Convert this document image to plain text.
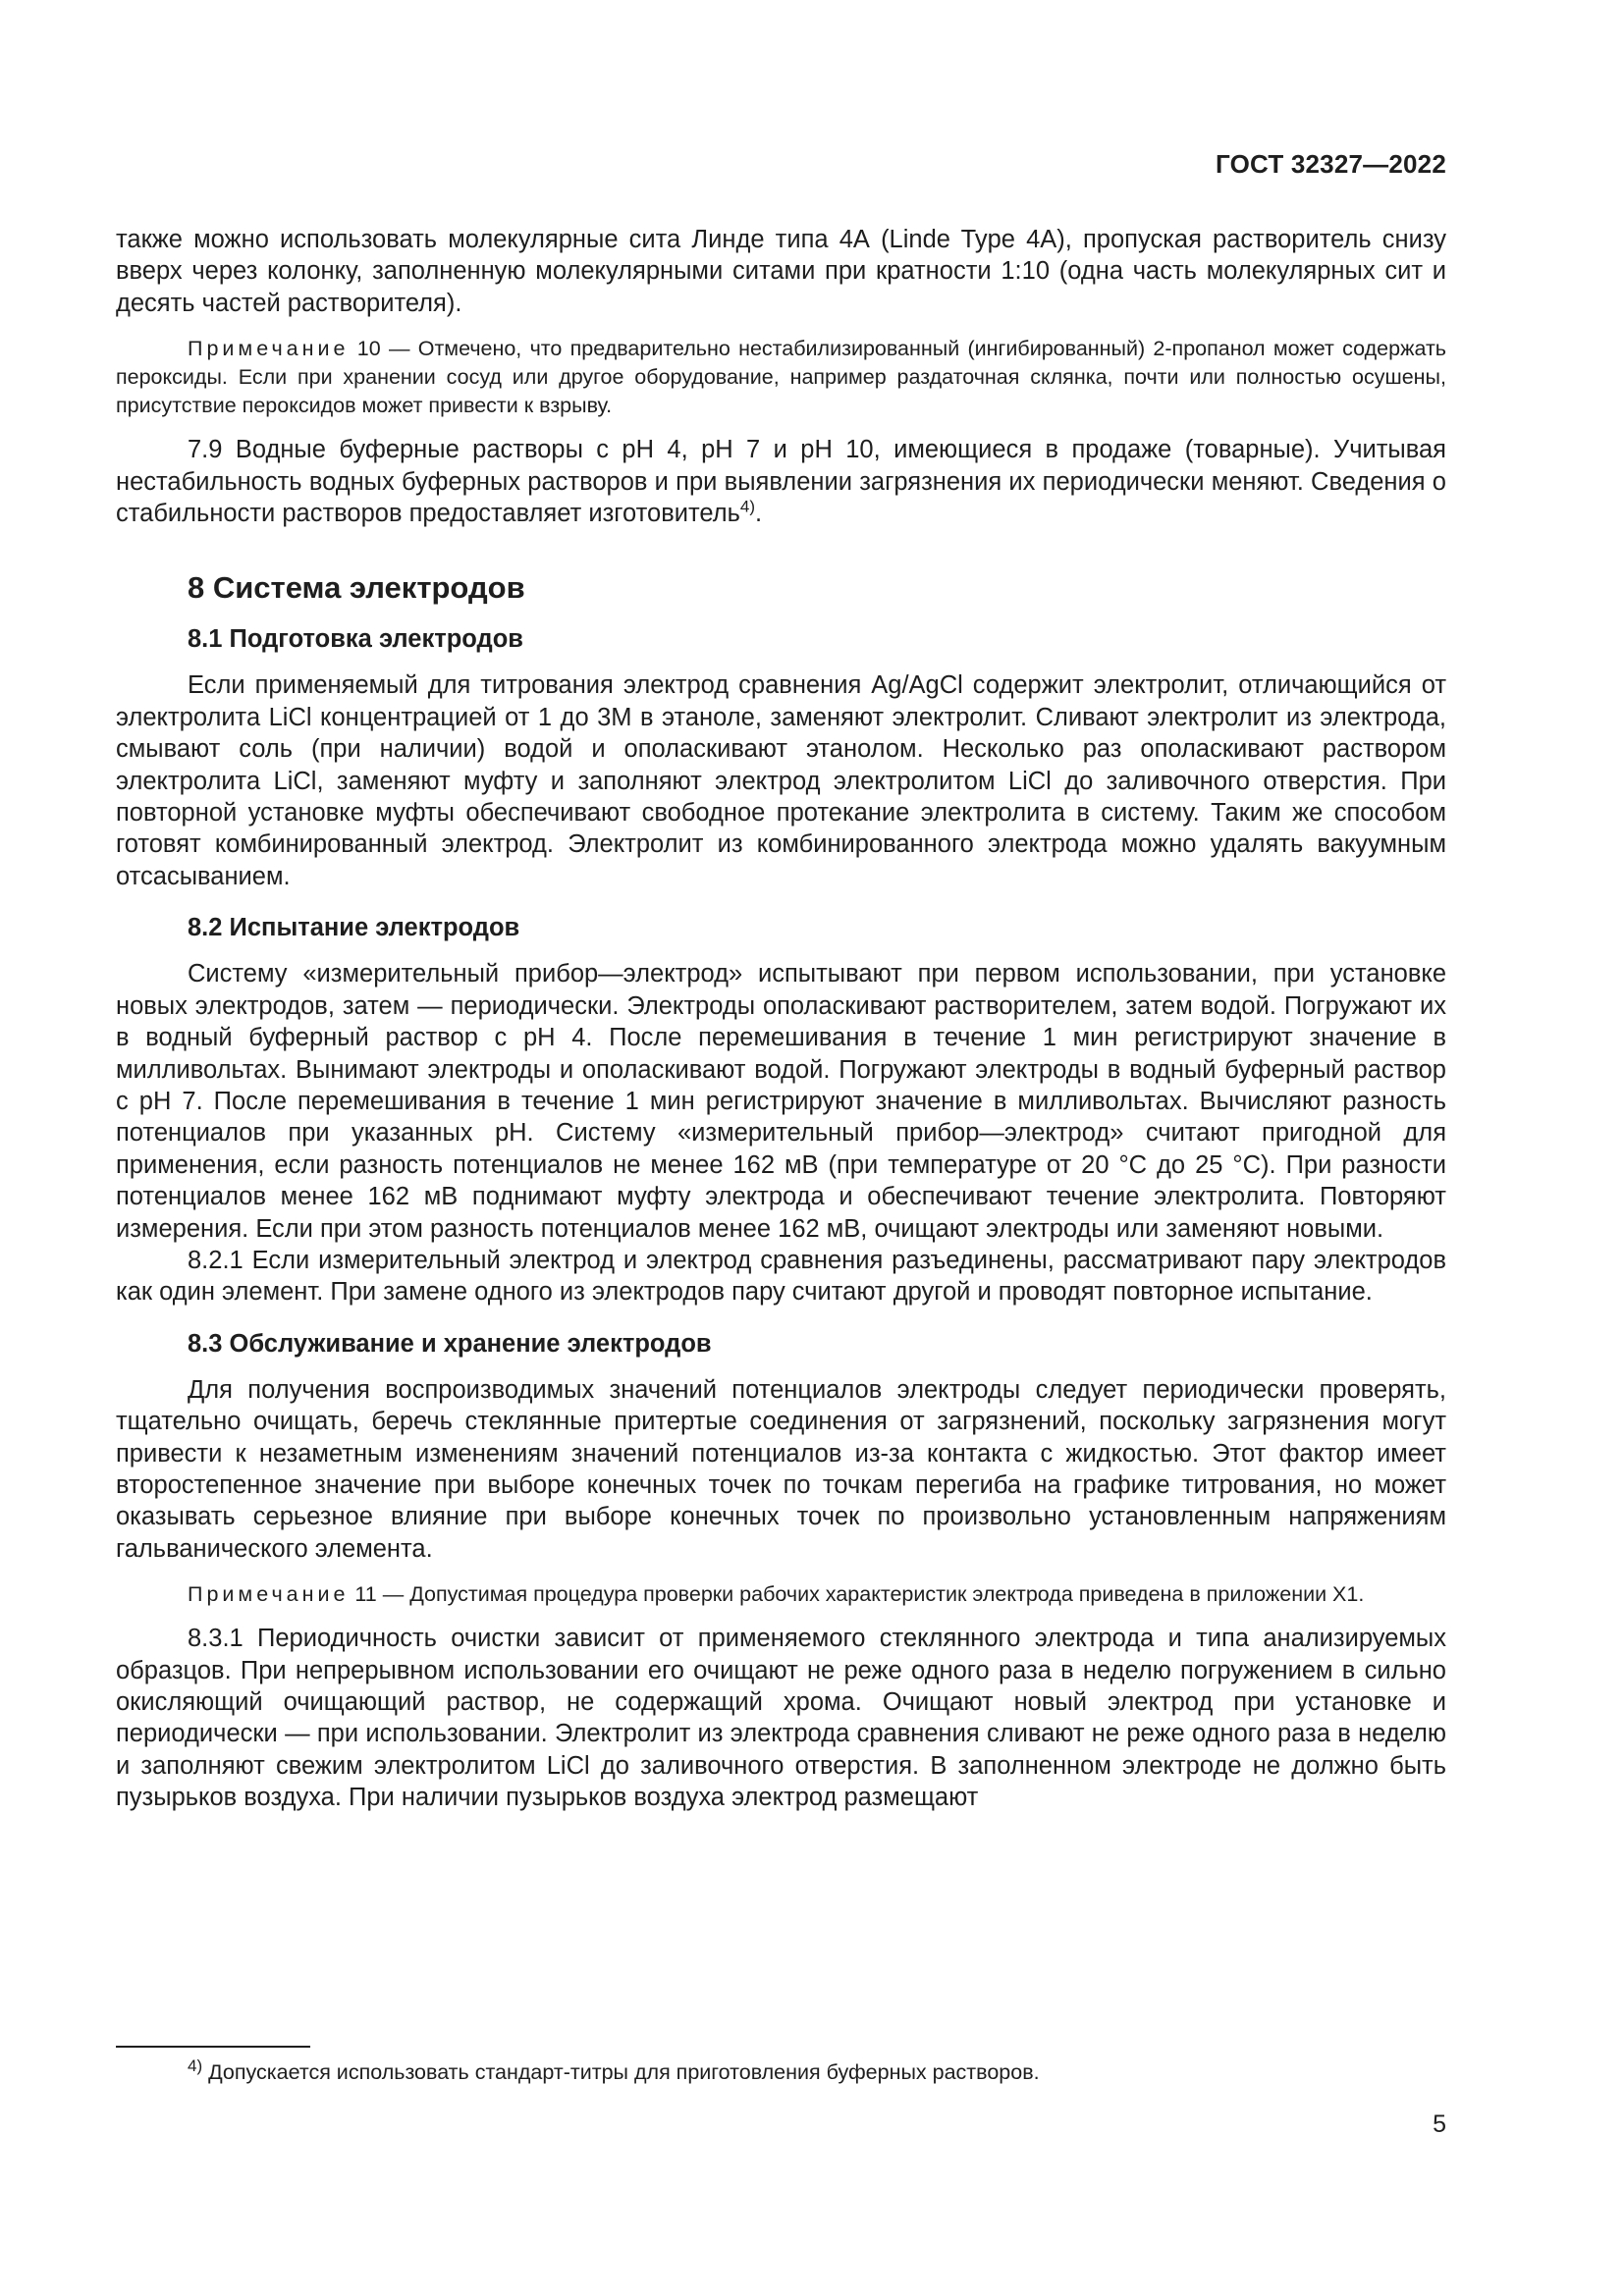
ГОСТ 32327—2022

также можно использовать молекулярные сита Линде типа 4А (Linde Type 4А), пропуская растворитель снизу вверх через колонку, заполненную молекулярными ситами при кратности 1:10 (одна часть молекулярных сит и десять частей растворителя).

Примечание 10 — Отмечено, что предварительно нестабилизированный (ингибированный) 2-пропанол может содержать пероксиды. Если при хранении сосуд или другое оборудование, например раздаточная склянка, почти или полностью осушены, присутствие пероксидов может привести к взрыву.

7.9 Водные буферные растворы с pH 4, pH 7 и pH 10, имеющиеся в продаже (товарные). Учитывая нестабильность водных буферных растворов и при выявлении загрязнения их периодически меняют. Сведения о стабильности растворов предоставляет изготовитель$^{4)}$.

8 Система электродов
8.1 Подготовка электродов

Если применяемый для титрования электрод сравнения Ag/AgCl содержит электролит, отличающийся от электролита LiCl концентрацией от 1 до 3М в этаноле, заменяют электролит. Сливают электролит из электрода, смывают соль (при наличии) водой и ополаскивают этанолом. Несколько раз ополаскивают раствором электролита LiCl, заменяют муфту и заполняют электрод электролитом LiCl до заливочного отверстия. При повторной установке муфты обеспечивают свободное протекание электролита в систему. Таким же способом готовят комбинированный электрод. Электролит из комбинированного электрода можно удалять вакуумным отсасыванием.

8.2 Испытание электродов

Систему «измерительный прибор—электрод» испытывают при первом использовании, при установке новых электродов, затем — периодически. Электроды ополаскивают растворителем, затем водой. Погружают их в водный буферный раствор с pH 4. После перемешивания в течение 1 мин регистрируют значение в милливольтах. Вынимают электроды и ополаскивают водой. Погружают электроды в водный буферный раствор с pH 7. После перемешивания в течение 1 мин регистрируют значение в милливольтах. Вычисляют разность потенциалов при указанных pH. Систему «измерительный прибор—электрод» считают пригодной для применения, если разность потенциалов не менее 162 мВ (при температуре от 20 °С до 25 °С). При разности потенциалов менее 162 мВ поднимают муфту электрода и обеспечивают течение электролита. Повторяют измерения. Если при этом разность потенциалов менее 162 мВ, очищают электроды или заменяют новыми.

8.2.1 Если измерительный электрод и электрод сравнения разъединены, рассматривают пару электродов как один элемент. При замене одного из электродов пару считают другой и проводят повторное испытание.

8.3 Обслуживание и хранение электродов

Для получения воспроизводимых значений потенциалов электроды следует периодически проверять, тщательно очищать, беречь стеклянные притертые соединения от загрязнений, поскольку загрязнения могут привести к незаметным изменениям значений потенциалов из-за контакта с жидкостью. Этот фактор имеет второстепенное значение при выборе конечных точек по точкам перегиба на графике титрования, но может оказывать серьезное влияние при выборе конечных точек по произвольно установленным напряжениям гальванического элемента.

Примечание 11 — Допустимая процедура проверки рабочих характеристик электрода приведена в приложении X1.

8.3.1 Периодичность очистки зависит от применяемого стеклянного электрода и типа анализируемых образцов. При непрерывном использовании его очищают не реже одного раза в неделю погружением в сильно окисляющий очищающий раствор, не содержащий хрома. Очищают новый электрод при установке и периодически — при использовании. Электролит из электрода сравнения сливают не реже одного раза в неделю и заполняют свежим электролитом LiCl до заливочного отверстия. В заполненном электроде не должно быть пузырьков воздуха. При наличии пузырьков воздуха электрод размещают

$^{4)}$ Допускается использовать стандарт-титры для приготовления буферных растворов.
5
